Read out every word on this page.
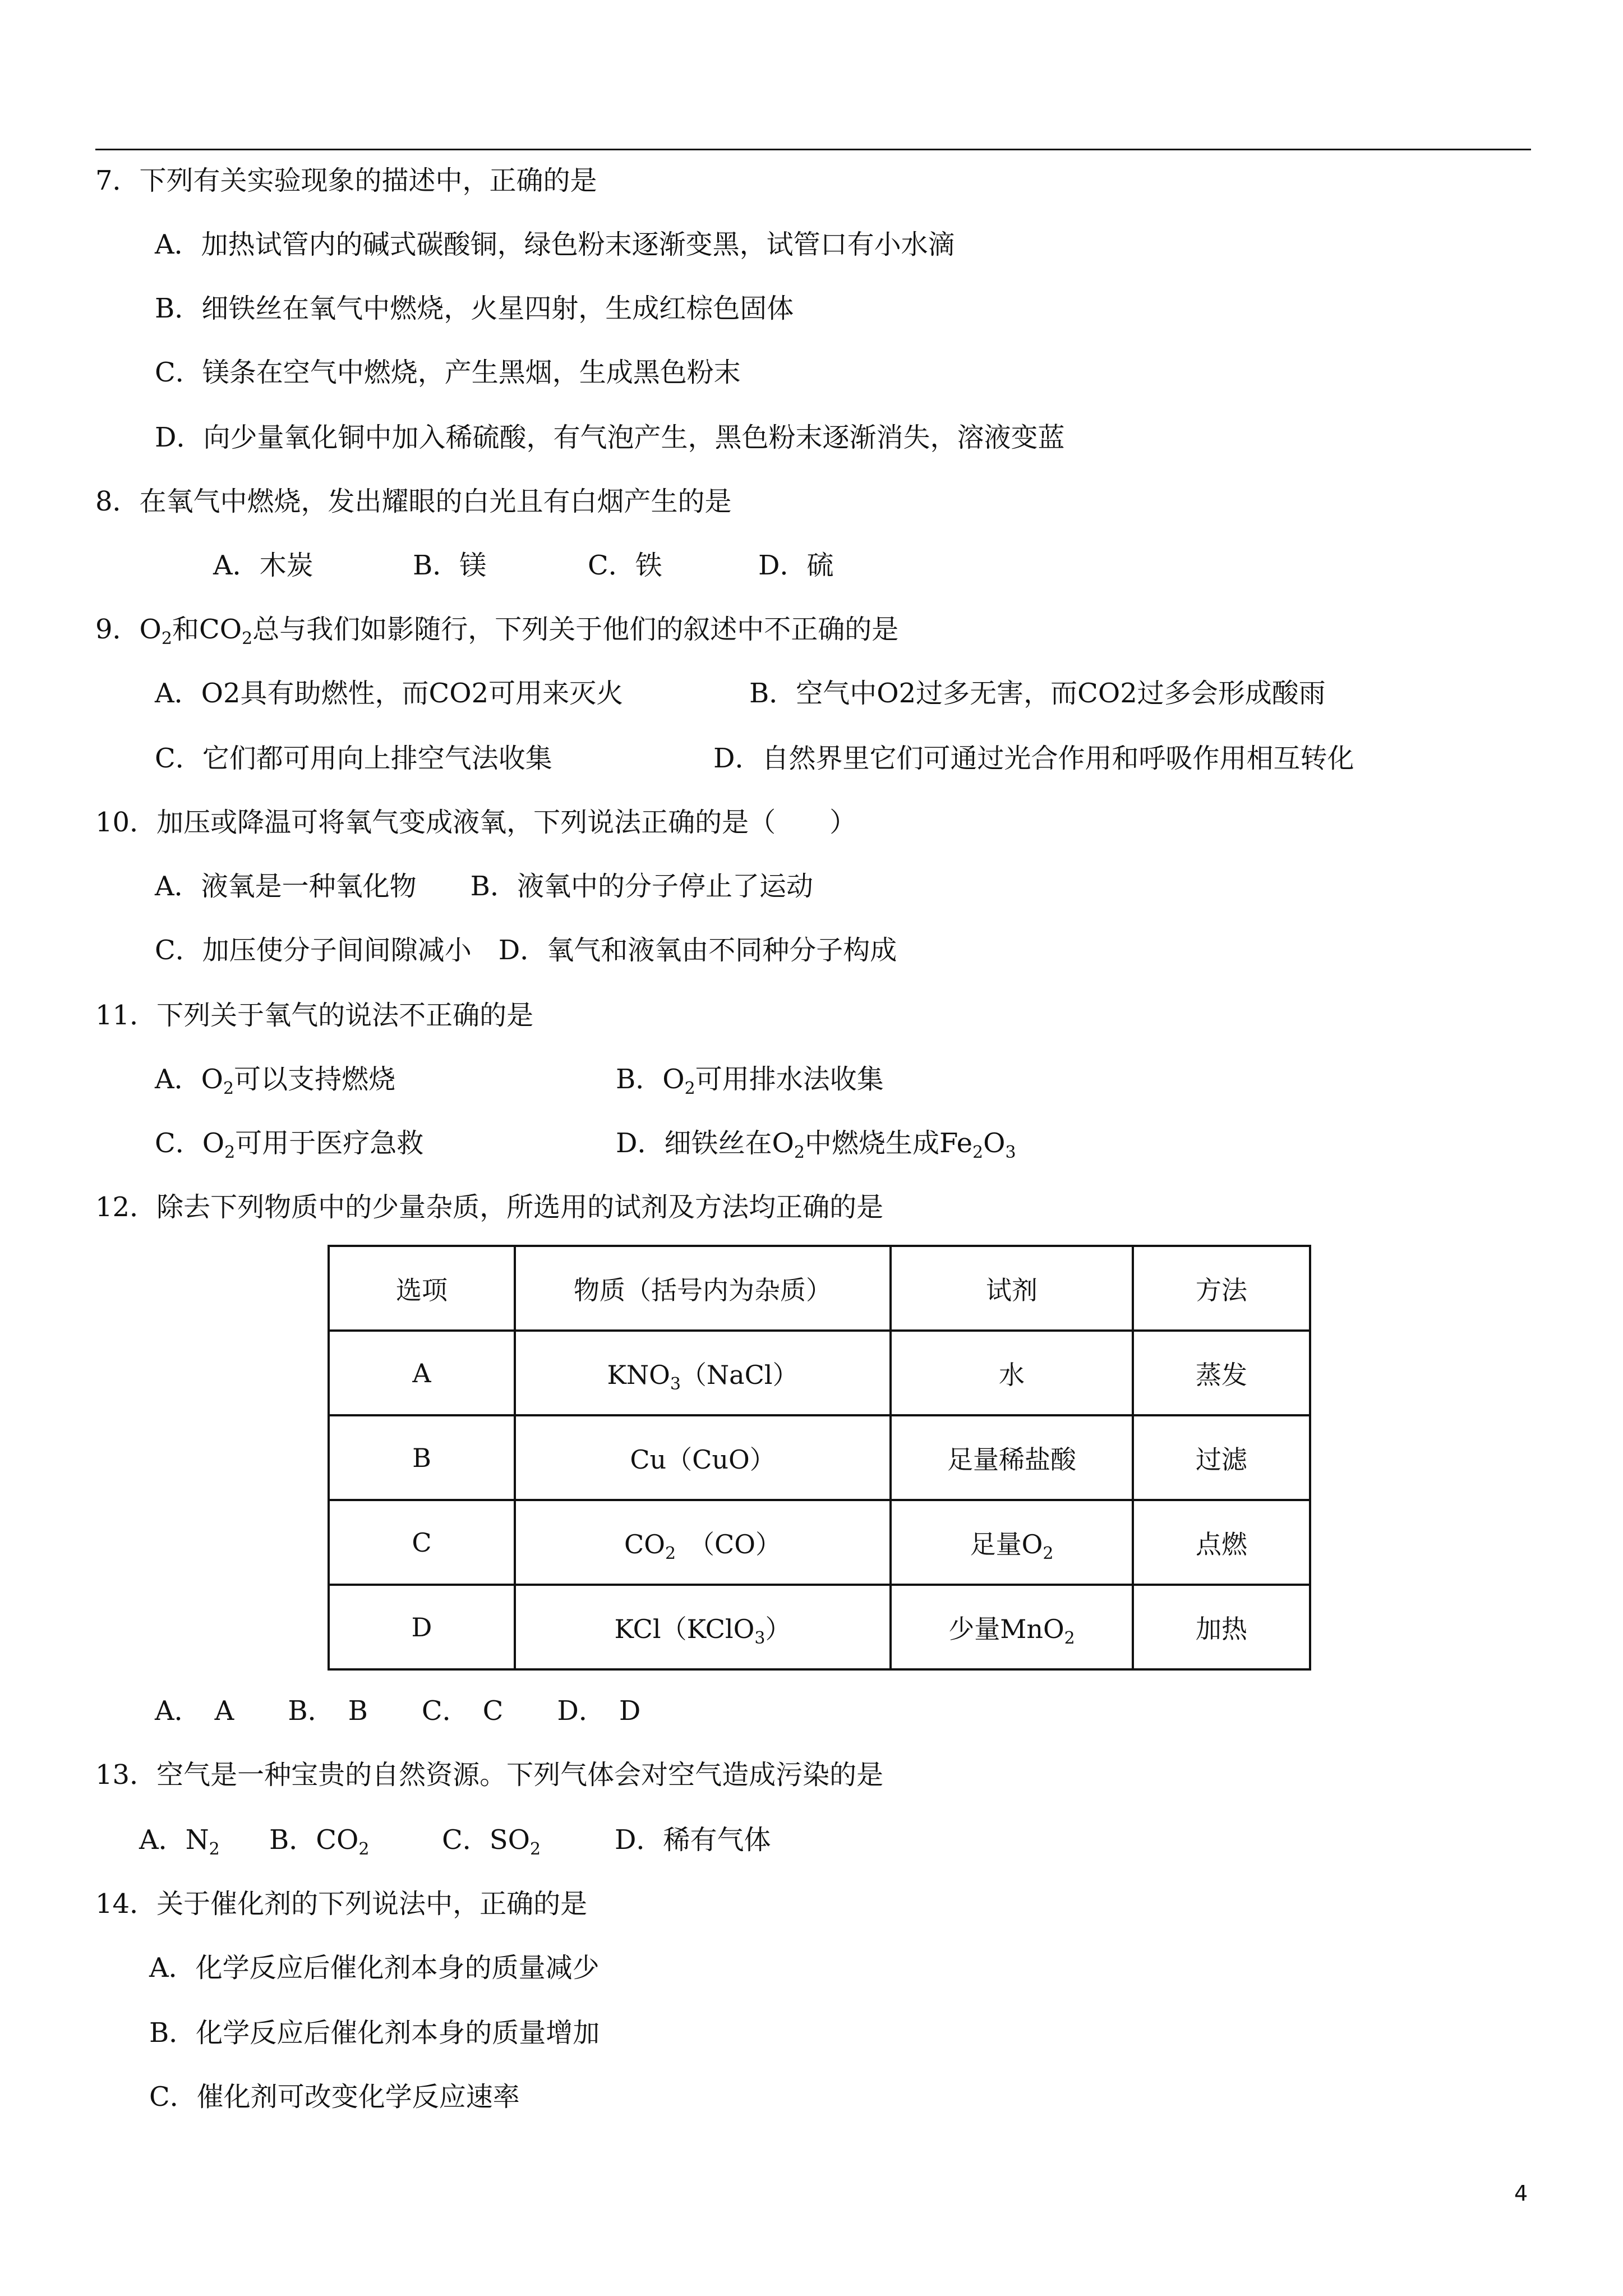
7．下列有关实验现象的描述中，正确的是
A．加热试管内的碱式碳酸铜，绿色粉末逐渐变黑，试管口有小水滴
B．细铁丝在氧气中燃烧，火星四射，生成红棕色固体
C．镁条在空气中燃烧，产生黑烟，生成黑色粉末
D．向少量氧化铜中加入稀硫酸，有气泡产生，黑色粉末逐渐消失，溶液变蓝
8．在氧气中燃烧，发出耀眼的白光且有白烟产生的是
A．木炭	B．镁	C．铁	D．硫
9．$O_2$和$CO_2$总与我们如影随行，下列关于他们的叙述中不正确的是
A．O2具有助燃性，而CO2可用来灭火	B．空气中O2过多无害，而CO2过多会形成酸雨
C．它们都可用向上排空气法收集	D．自然界里它们可通过光合作用和呼吸作用相互转化
10．加压或降温可将氧气变成液氧，下列说法正确的是（　　）
A．液氧是一种氧化物　　B．液氧中的分子停止了运动
C．加压使分子间间隙减小　D．氧气和液氧由不同种分子构成
11．下列关于氧气的说法不正确的是
A．$O_2$可以支持燃烧	B．$O_2$可用排水法收集
C．$O_2$可用于医疗急救	D．细铁丝在$O_2$中燃烧生成$Fe_2O_3$
12．除去下列物质中的少量杂质，所选用的试剂及方法均正确的是
选项	物质（括号内为杂质）	试剂	方法
A	$KNO_3(NaCl)$	水	蒸发
B	Cu（CuO）	足量稀盐酸	过滤
C	$CO_2$　（CO）	足量$O_2$	点燃
D	KCl（KClO$_3$）	少量MnO$_2$	加热
A．　A　　B．　B　　C．　C　　D．　D
13．空气是一种宝贵的自然资源。下列气体会对空气造成污染的是
A．$N_2$ B．$CO_2$	C．$SO_2$	D．稀有气体
14．关于催化剂的下列说法中，正确的是
A．化学反应后催化剂本身的质量减少
B．化学反应后催化剂本身的质量增加
C．催化剂可改变化学反应速率
4
